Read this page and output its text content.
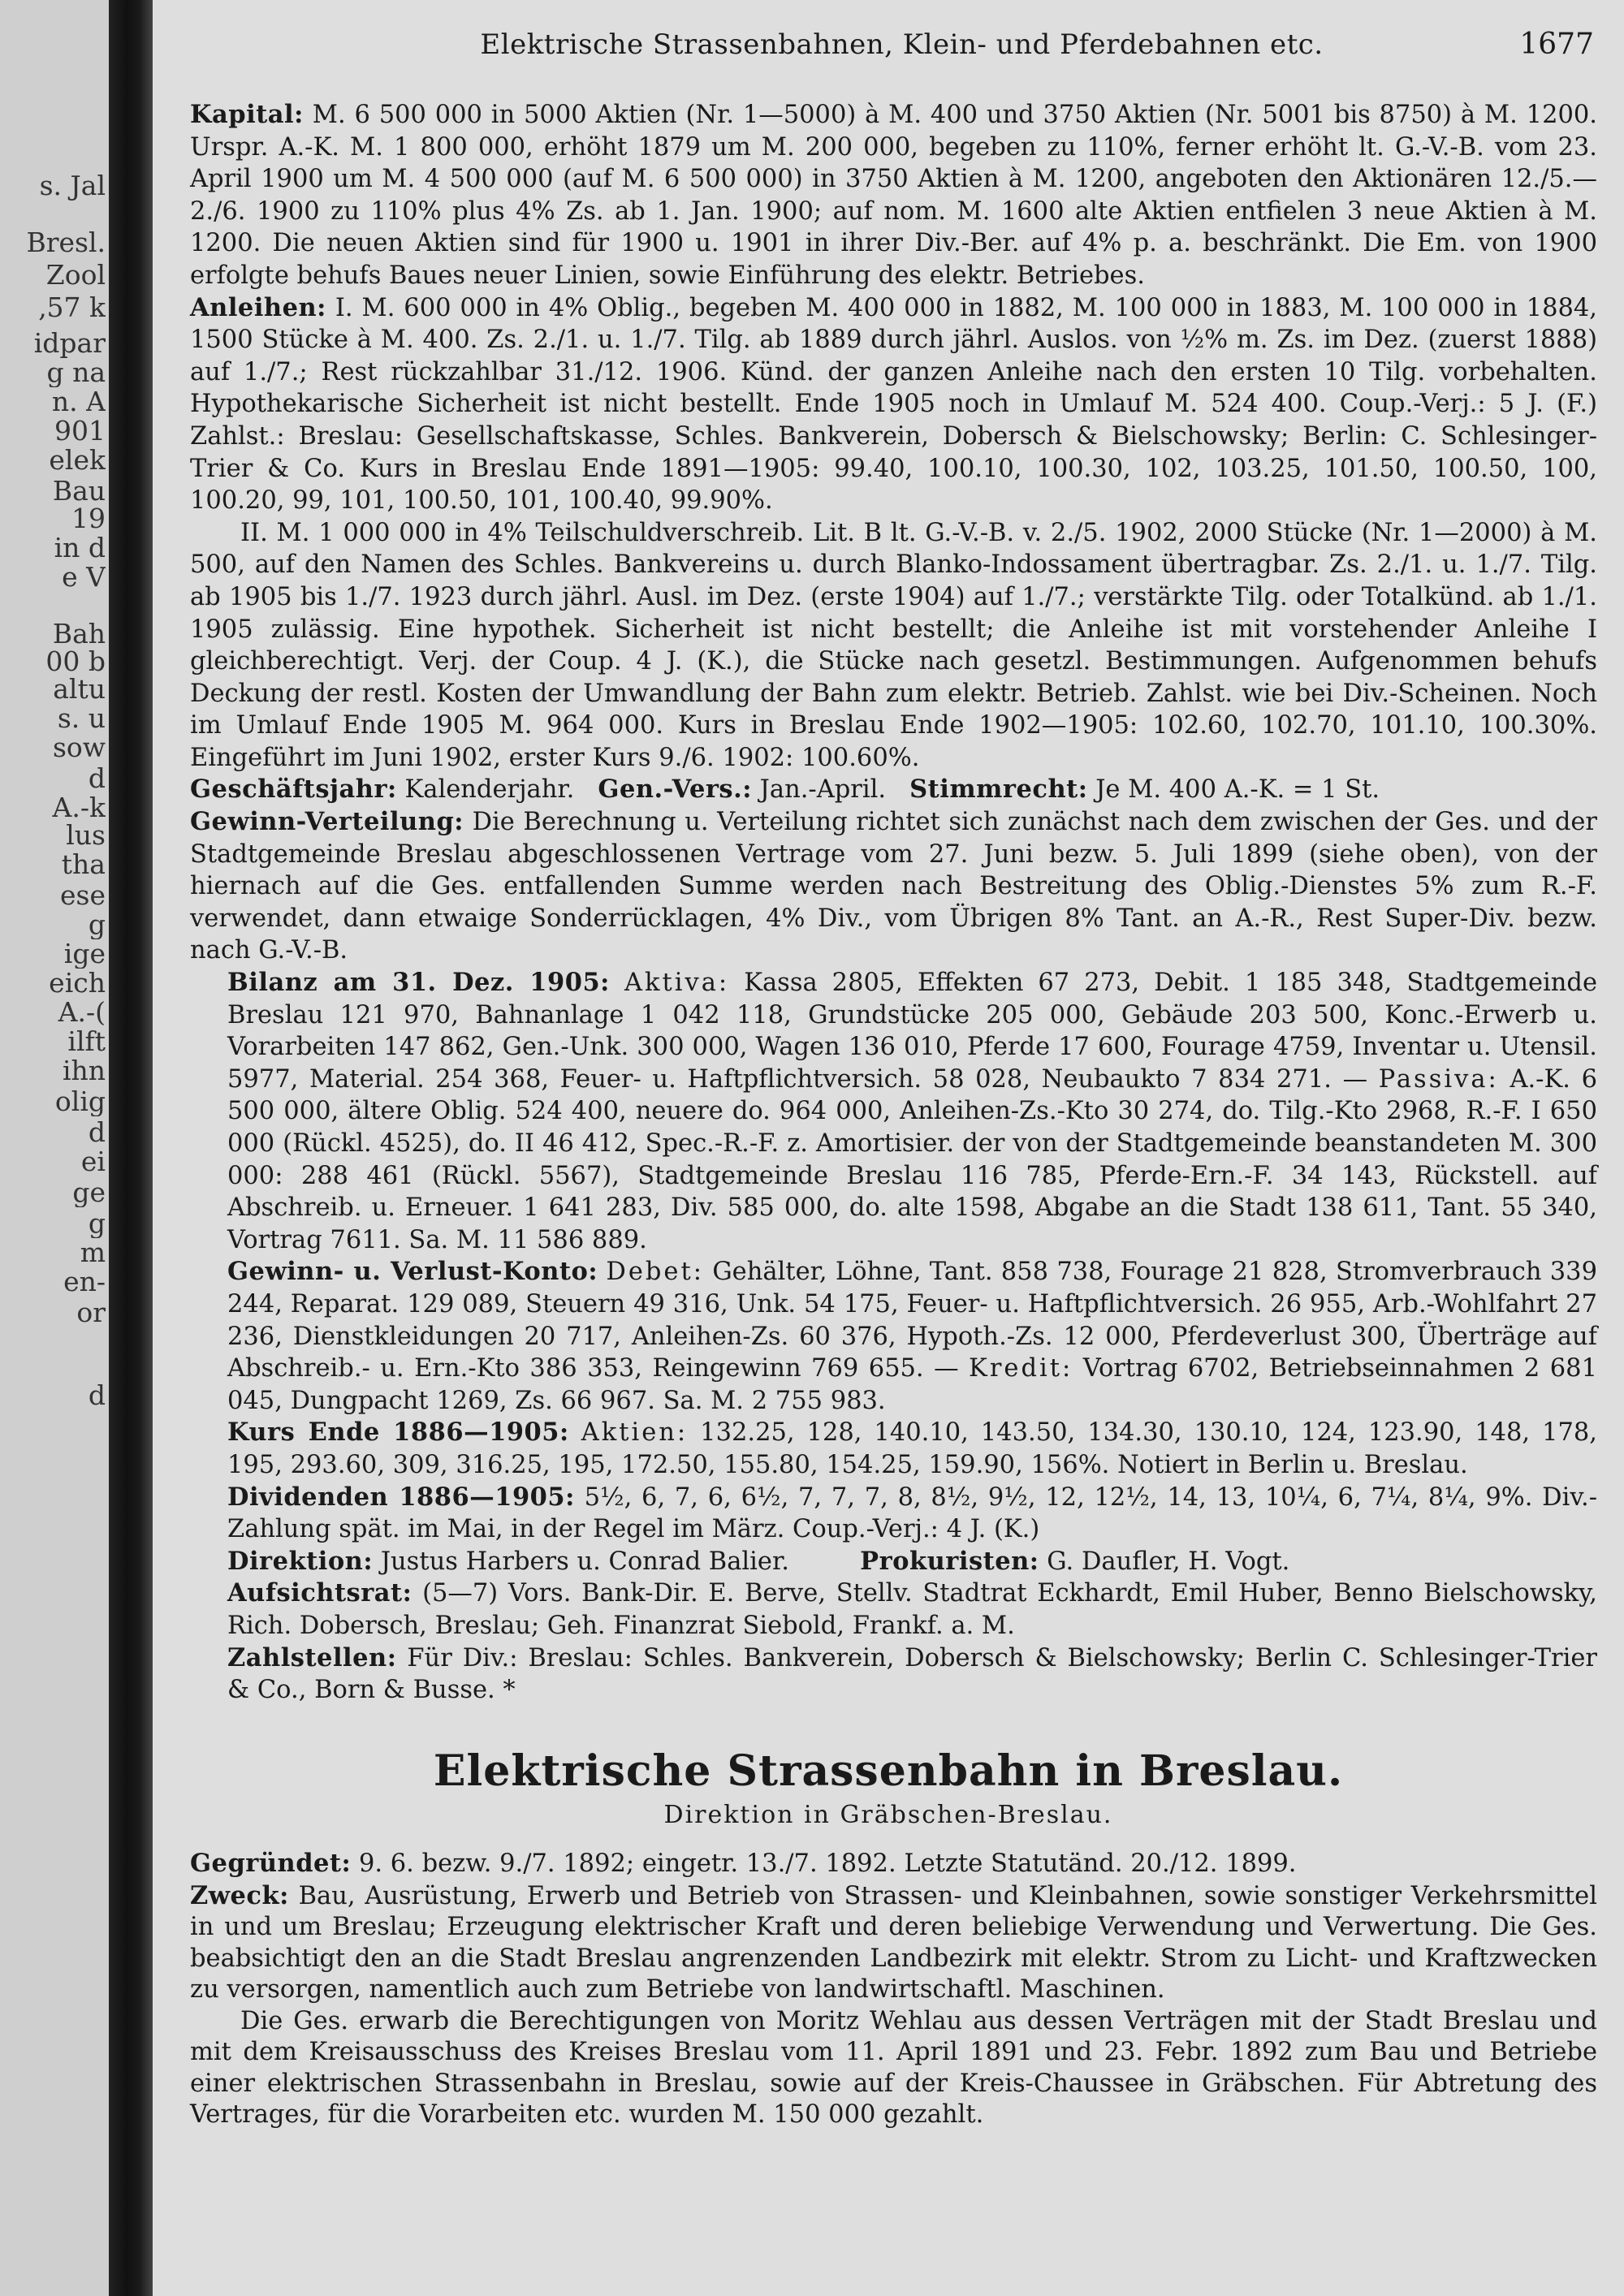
s. Jal
Bresl.
Zool
‚57 k
idpar
g na
n. A
901
elek
Bau
19
in d
e V
Bah
00 b
altu
s. u
sow
d
A.-k
lus
tha
ese
g
ige
eich
A.-(
ilft
ihn
olig
d
ei
ge
g
m
en-
or
d
Elektrische Strassenbahnen, Klein- und Pferdebahnen etc.	1677

Kapital: M. 6 500 000 in 5000 Aktien (Nr. 1—5000) à M. 400 und 3750 Aktien (Nr. 5001 bis 8750) à M. 1200. Urspr. A.-K. M. 1 800 000, erhöht 1879 um M. 200 000, begeben zu 110%, ferner erhöht lt. G.-V.-B. vom 23. April 1900 um M. 4 500 000 (auf M. 6 500 000) in 3750 Aktien à M. 1200, angeboten den Aktionären 12./5.—2./6. 1900 zu 110% plus 4% Zs. ab 1. Jan. 1900; auf nom. M. 1600 alte Aktien entfielen 3 neue Aktien à M. 1200. Die neuen Aktien sind für 1900 u. 1901 in ihrer Div.-Ber. auf 4% p. a. beschränkt. Die Em. von 1900 erfolgte behufs Baues neuer Linien, sowie Einführung des elektr. Betriebes.

Anleihen: I. M. 600 000 in 4% Oblig., begeben M. 400 000 in 1882, M. 100 000 in 1883, M. 100 000 in 1884, 1500 Stücke à M. 400. Zs. 2./1. u. 1./7. Tilg. ab 1889 durch jährl. Auslos. von ½% m. Zs. im Dez. (zuerst 1888) auf 1./7.; Rest rückzahlbar 31./12. 1906. Künd. der ganzen Anleihe nach den ersten 10 Tilg. vorbehalten. Hypothekarische Sicherheit ist nicht bestellt. Ende 1905 noch in Umlauf M. 524 400. Coup.-Verj.: 5 J. (F.) Zahlst.: Breslau: Gesellschaftskasse, Schles. Bankverein, Dobersch & Bielschowsky; Berlin: C. Schlesinger-Trier & Co. Kurs in Breslau Ende 1891—1905: 99.40, 100.10, 100.30, 102, 103.25, 101.50, 100.50, 100, 100.20, 99, 101, 100.50, 101, 100.40, 99.90%.

II. M. 1 000 000 in 4% Teilschuldverschreib. Lit. B lt. G.-V.-B. v. 2./5. 1902, 2000 Stücke (Nr. 1—2000) à M. 500, auf den Namen des Schles. Bankvereins u. durch Blanko-Indossament übertragbar. Zs. 2./1. u. 1./7. Tilg. ab 1905 bis 1./7. 1923 durch jährl. Ausl. im Dez. (erste 1904) auf 1./7.; verstärkte Tilg. oder Totalkünd. ab 1./1. 1905 zulässig. Eine hypothek. Sicherheit ist nicht bestellt; die Anleihe ist mit vorstehender Anleihe I gleichberechtigt. Verj. der Coup. 4 J. (K.), die Stücke nach gesetzl. Bestimmungen. Aufgenommen behufs Deckung der restl. Kosten der Umwandlung der Bahn zum elektr. Betrieb. Zahlst. wie bei Div.-Scheinen. Noch im Umlauf Ende 1905 M. 964 000. Kurs in Breslau Ende 1902—1905: 102.60, 102.70, 101.10, 100.30%. Eingeführt im Juni 1902, erster Kurs 9./6. 1902: 100.60%.

Geschäftsjahr: Kalenderjahr. Gen.-Vers.: Jan.-April. Stimmrecht: Je M. 400 A.-K. = 1 St.

Gewinn-Verteilung: Die Berechnung u. Verteilung richtet sich zunächst nach dem zwischen der Ges. und der Stadtgemeinde Breslau abgeschlossenen Vertrage vom 27. Juni bezw. 5. Juli 1899 (siehe oben), von der hiernach auf die Ges. entfallenden Summe werden nach Bestreitung des Oblig.-Dienstes 5% zum R.-F. verwendet, dann etwaige Sonderrücklagen, 4% Div., vom Übrigen 8% Tant. an A.-R., Rest Super-Div. bezw. nach G.-V.-B.

Bilanz am 31. Dez. 1905: Aktiva: Kassa 2805, Effekten 67 273, Debit. 1 185 348, Stadtgemeinde Breslau 121 970, Bahnanlage 1 042 118, Grundstücke 205 000, Gebäude 203 500, Konc.-Erwerb u. Vorarbeiten 147 862, Gen.-Unk. 300 000, Wagen 136 010, Pferde 17 600, Fourage 4759, Inventar u. Utensil. 5977, Material. 254 368, Feuer- u. Haftpflichtversich. 58 028, Neubaukto 7 834 271. — Passiva: A.-K. 6 500 000, ältere Oblig. 524 400, neuere do. 964 000, Anleihen-Zs.-Kto 30 274, do. Tilg.-Kto 2968, R.-F. I 650 000 (Rückl. 4525), do. II 46 412, Spec.-R.-F. z. Amortisier. der von der Stadtgemeinde beanstandeten M. 300 000: 288 461 (Rückl. 5567), Stadtgemeinde Breslau 116 785, Pferde-Ern.-F. 34 143, Rückstell. auf Abschreib. u. Erneuer. 1 641 283, Div. 585 000, do. alte 1598, Abgabe an die Stadt 138 611, Tant. 55 340, Vortrag 7611. Sa. M. 11 586 889.

Gewinn- u. Verlust-Konto: Debet: Gehälter, Löhne, Tant. 858 738, Fourage 21 828, Stromverbrauch 339 244, Reparat. 129 089, Steuern 49 316, Unk. 54 175, Feuer- u. Haftpflichtversich. 26 955, Arb.-Wohlfahrt 27 236, Dienstkleidungen 20 717, Anleihen-Zs. 60 376, Hypoth.-Zs. 12 000, Pferdeverlust 300, Überträge auf Abschreib.- u. Ern.-Kto 386 353, Reingewinn 769 655. — Kredit: Vortrag 6702, Betriebseinnahmen 2 681 045, Dungpacht 1269, Zs. 66 967. Sa. M. 2 755 983.

Kurs Ende 1886—1905: Aktien: 132.25, 128, 140.10, 143.50, 134.30, 130.10, 124, 123.90, 148, 178, 195, 293.60, 309, 316.25, 195, 172.50, 155.80, 154.25, 159.90, 156%. Notiert in Berlin u. Breslau.

Dividenden 1886—1905: 5½, 6, 7, 6, 6½, 7, 7, 7, 8, 8½, 9½, 12, 12½, 14, 13, 10¼, 6, 7¼, 8¼, 9%. Div.-Zahlung spät. im Mai, in der Regel im März. Coup.-Verj.: 4 J. (K.)

Direktion: Justus Harbers u. Conrad Balier.	Prokuristen: G. Daufler, H. Vogt.

Aufsichtsrat: (5—7) Vors. Bank-Dir. E. Berve, Stellv. Stadtrat Eckhardt, Emil Huber, Benno Bielschowsky, Rich. Dobersch, Breslau; Geh. Finanzrat Siebold, Frankf. a. M.

Zahlstellen: Für Div.: Breslau: Schles. Bankverein, Dobersch & Bielschowsky; Berlin C. Schlesinger-Trier & Co., Born & Busse. *

Elektrische Strassenbahn in Breslau.
Direktion in Gräbschen-Breslau.

Gegründet: 9. 6. bezw. 9./7. 1892; eingetr. 13./7. 1892. Letzte Statutänd. 20./12. 1899.

Zweck: Bau, Ausrüstung, Erwerb und Betrieb von Strassen- und Kleinbahnen, sowie sonstiger Verkehrsmittel in und um Breslau; Erzeugung elektrischer Kraft und deren beliebige Verwendung und Verwertung. Die Ges. beabsichtigt den an die Stadt Breslau angrenzenden Landbezirk mit elektr. Strom zu Licht- und Kraftzwecken zu versorgen, namentlich auch zum Betriebe von landwirtschaftl. Maschinen.

Die Ges. erwarb die Berechtigungen von Moritz Wehlau aus dessen Verträgen mit der Stadt Breslau und mit dem Kreisausschuss des Kreises Breslau vom 11. April 1891 und 23. Febr. 1892 zum Bau und Betriebe einer elektrischen Strassenbahn in Breslau, sowie auf der Kreis-Chaussee in Gräbschen. Für Abtretung des Vertrages, für die Vorarbeiten etc. wurden M. 150 000 gezahlt.
